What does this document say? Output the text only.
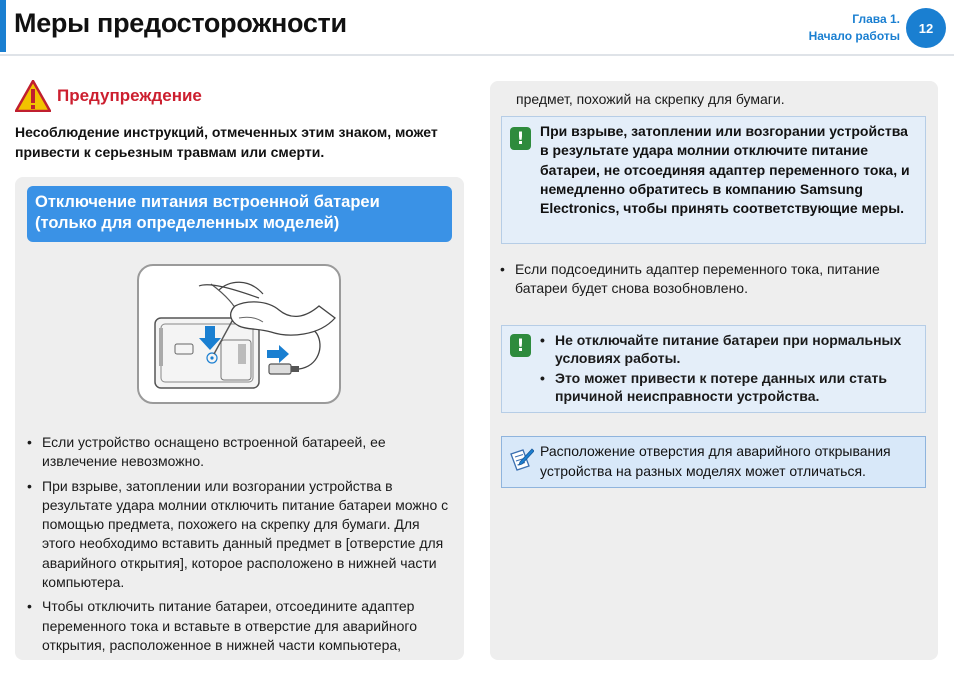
Меры предосторожности	Глава 1.
Начало работы
12
Предупреждение
Несоблюдение инструкций, отмеченных этим знаком, может привести к серьезным травмам или смерти.
Отключение питания встроенной батареи (только для определенных моделей)
• Если устройство оснащено встроенной батареей, ее извлечение невозможно.
• При взрыве, затоплении или возгорании устройства в результате удара молнии отключить питание батареи можно с помощью предмета, похожего на скрепку для бумаги. Для этого необходимо вставить данный предмет в [отверстие для аварийного открытия], которое расположено в нижней части компьютера.
• Чтобы отключить питание батареи, отсоедините адаптер переменного тока и вставьте в отверстие для аварийного открытия, расположенное в нижней части компьютера,
предмет, похожий на скрепку для бумаги.
!	При взрыве, затоплении или возгорании устройства в результате удара молнии отключите питание батареи, не отсоединяя адаптер переменного тока, и немедленно обратитесь в компанию Samsung Electronics, чтобы принять соответствующие меры.
• Если подсоединить адаптер переменного тока, питание батареи будет снова возобновлено.
!
•	Не отключайте питание батареи при нормальных условиях работы.
• Это может привести к потере данных или стать причиной неисправности устройства.
Расположение отверстия для аварийного открывания устройства на разных моделях может отличаться.
